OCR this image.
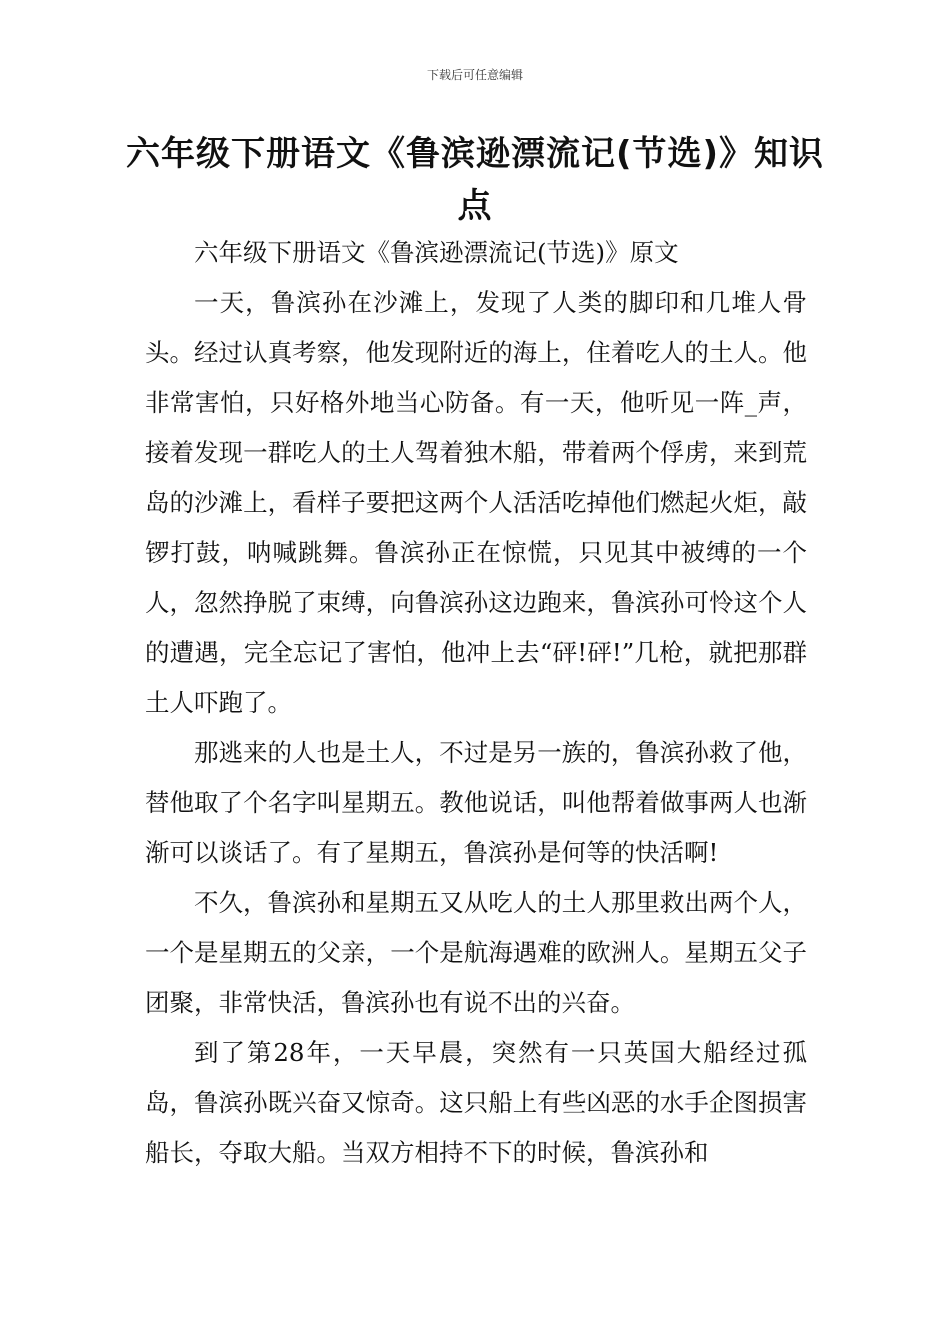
下载后可任意编辑
六年级下册语文《鲁滨逊漂流记(节选)》知识点

六年级下册语文《鲁滨逊漂流记(节选)》原文

一天，鲁滨孙在沙滩上，发现了人类的脚印和几堆人骨头。经过认真考察，他发现附近的海上，住着吃人的土人。他非常害怕，只好格外地当心防备。有一天，他听见一阵_声，接着发现一群吃人的土人驾着独木船，带着两个俘虏，来到荒岛的沙滩上，看样子要把这两个人活活吃掉他们燃起火炬，敲锣打鼓，呐喊跳舞。鲁滨孙正在惊慌，只见其中被缚的一个人，忽然挣脱了束缚，向鲁滨孙这边跑来，鲁滨孙可怜这个人的遭遇，完全忘记了害怕，他冲上去“砰!砰!”几枪，就把那群土人吓跑了。

那逃来的人也是土人，不过是另一族的，鲁滨孙救了他，替他取了个名字叫星期五。教他说话，叫他帮着做事两人也渐渐可以谈话了。有了星期五，鲁滨孙是何等的快活啊!

不久，鲁滨孙和星期五又从吃人的土人那里救出两个人，一个是星期五的父亲，一个是航海遇难的欧洲人。星期五父子团聚，非常快活，鲁滨孙也有说不出的兴奋。

到了第28年，一天早晨，突然有一只英国大船经过孤岛，鲁滨孙既兴奋又惊奇。这只船上有些凶恶的水手企图损害船长，夺取大船。当双方相持不下的时候，鲁滨孙和
